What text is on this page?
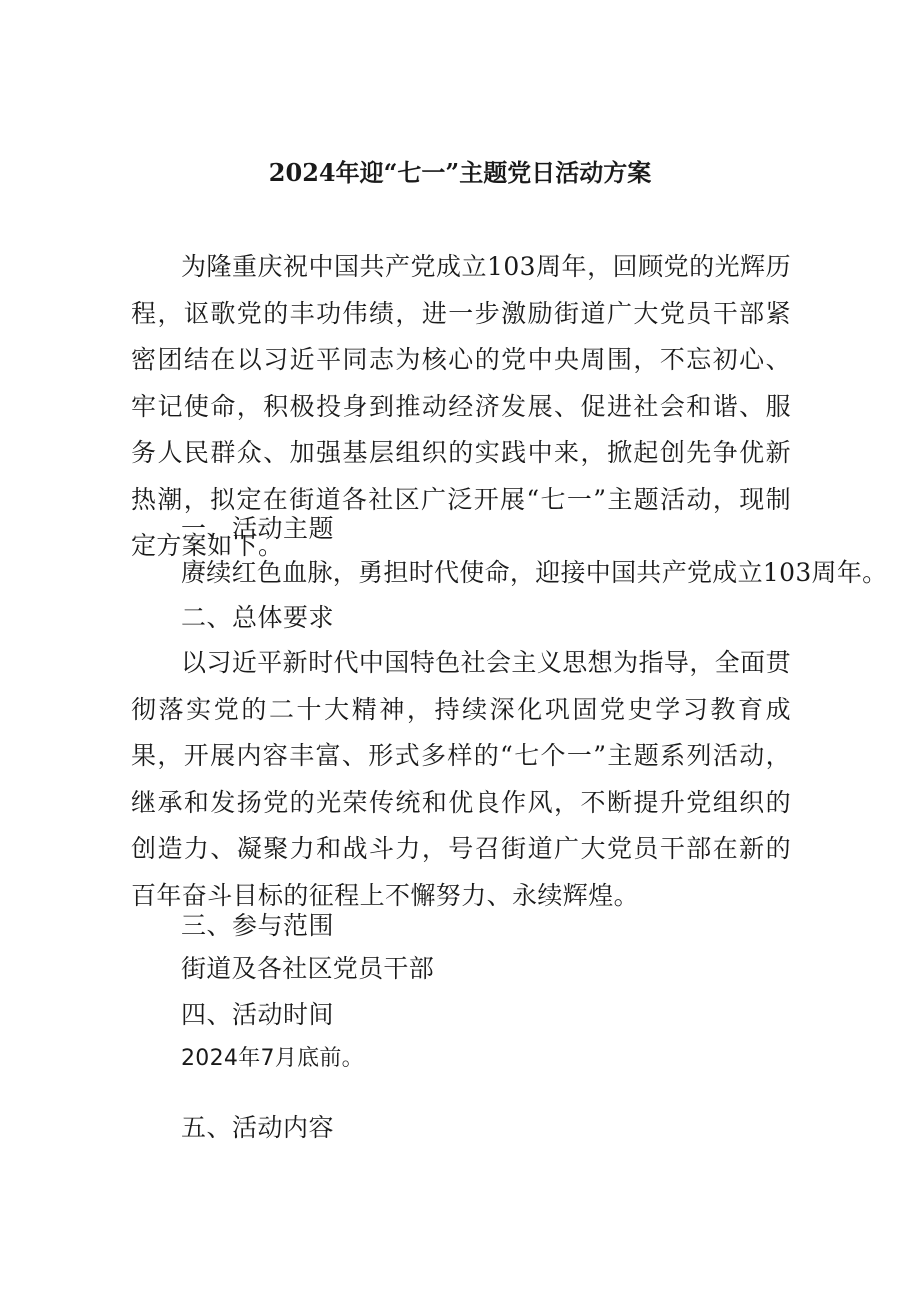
2024年迎“七一”主题党日活动方案
为隆重庆祝中国共产党成立103周年，回顾党的光辉历程，讴歌党的丰功伟绩，进一步激励街道广大党员干部紧密团结在以习近平同志为核心的党中央周围，不忘初心、牢记使命，积极投身到推动经济发展、促进社会和谐、服务人民群众、加强基层组织的实践中来，掀起创先争优新热潮，拟定在街道各社区广泛开展“七一”主题活动，现制定方案如下。
一、活动主题
赓续红色血脉，勇担时代使命，迎接中国共产党成立103周年。
二、总体要求
以习近平新时代中国特色社会主义思想为指导，全面贯彻落实党的二十大精神，持续深化巩固党史学习教育成果，开展内容丰富、形式多样的“七个一”主题系列活动，继承和发扬党的光荣传统和优良作风，不断提升党组织的创造力、凝聚力和战斗力，号召街道广大党员干部在新的百年奋斗目标的征程上不懈努力、永续辉煌。
三、参与范围
街道及各社区党员干部
四、活动时间
2024年7月底前。
五、活动内容
